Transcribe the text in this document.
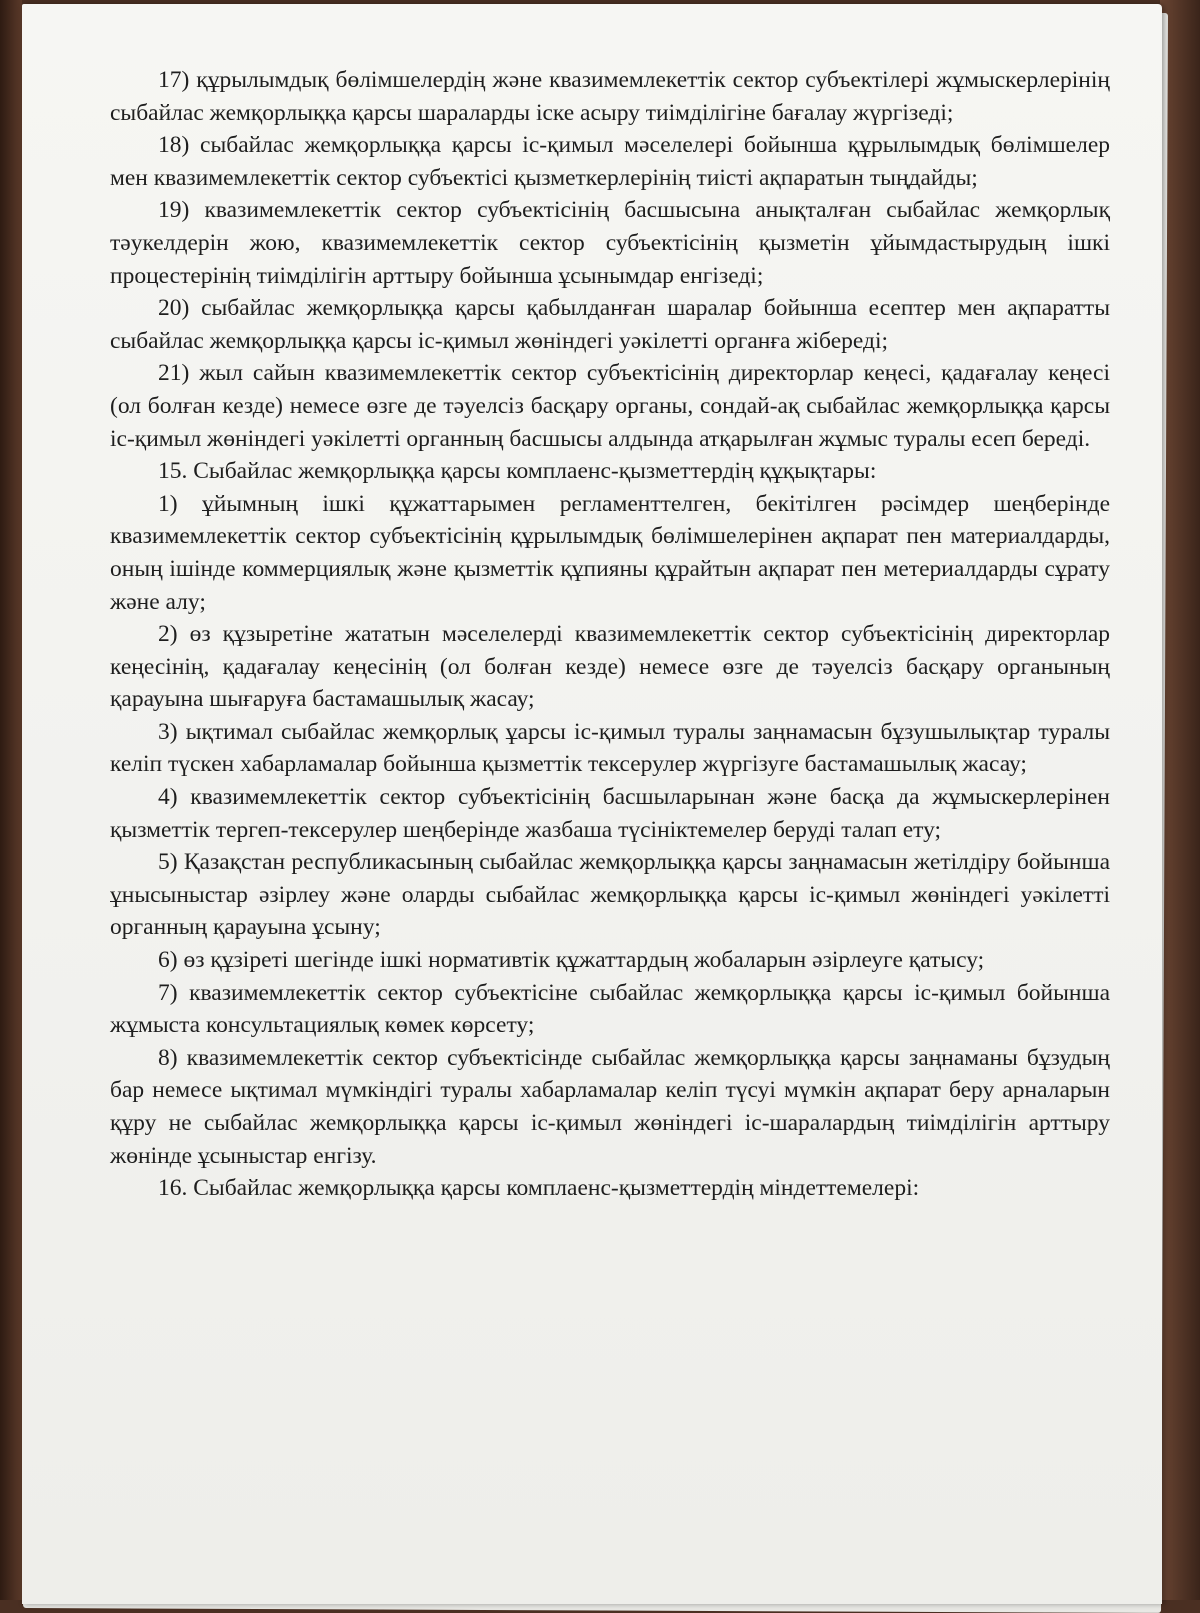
17) құрылымдық бөлімшелердің және квазимемлекеттік сектор субъектілері жұмыскерлерінің сыбайлас жемқорлыққа қарсы шараларды іске асыру тиімділігіне бағалау жүргізеді;

18) сыбайлас жемқорлыққа қарсы іс-қимыл мәселелері бойынша құрылымдық бөлімшелер мен квазимемлекеттік сектор субъектісі қызметкерлерінің тиісті ақпаратын тыңдайды;

19) квазимемлекеттік сектор субъектісінің басшысына анықталған сыбайлас жемқорлық тәукелдерін жою, квазимемлекеттік сектор субъектісінің қызметін ұйымдастырудың ішкі процестерінің тиімділігін арттыру бойынша ұсынымдар енгізеді;

20) сыбайлас жемқорлыққа қарсы қабылданған шаралар бойынша есептер мен ақпаратты сыбайлас жемқорлыққа қарсы іс-қимыл жөніндегі уәкілетті органға жібереді;

21) жыл сайын квазимемлекеттік сектор субъектісінің директорлар кеңесі, қадағалау кеңесі (ол болған кезде) немесе өзге де тәуелсіз басқару органы, сондай-ақ сыбайлас жемқорлыққа қарсы іс-қимыл жөніндегі уәкілетті органның басшысы алдында атқарылған жұмыс туралы есеп береді.

15. Сыбайлас жемқорлыққа қарсы комплаенс-қызметтердің құқықтары:

1) ұйымның ішкі құжаттарымен регламенттелген, бекітілген рәсімдер шеңберінде квазимемлекеттік сектор субъектісінің құрылымдық бөлімшелерінен ақпарат пен материалдарды, оның ішінде коммерциялық және қызметтік құпияны құрайтын ақпарат пен метериалдарды сұрату және алу;

2) өз құзыретіне жататын мәселелерді квазимемлекеттік сектор субъектісінің директорлар кеңесінің, қадағалау кеңесінің (ол болған кезде) немесе өзге де тәуелсіз басқару органының қарауына шығаруға бастамашылық жасау;

3) ықтимал сыбайлас жемқорлық ұарсы іс-қимыл туралы заңнамасын бұзушылықтар туралы келіп түскен хабарламалар бойынша қызметтік тексерулер жүргізуге бастамашылық жасау;

4) квазимемлекеттік сектор субъектісінің басшыларынан және басқа да жұмыскерлерінен қызметтік тергеп-тексерулер шеңберінде жазбаша түсініктемелер беруді талап ету;

5) Қазақстан республикасының сыбайлас жемқорлыққа қарсы заңнамасын жетілдіру бойынша ұнысыныстар әзірлеу және оларды сыбайлас жемқорлыққа қарсы іс-қимыл жөніндегі уәкілетті органның қарауына ұсыну;

6) өз құзіреті шегінде ішкі нормативтік құжаттардың жобаларын әзірлеуге қатысу;

7) квазимемлекеттік сектор субъектісіне сыбайлас жемқорлыққа қарсы іс-қимыл бойынша жұмыста консультациялық көмек көрсету;

8) квазимемлекеттік сектор субъектісінде сыбайлас жемқорлыққа қарсы заңнаманы бұзудың бар немесе ықтимал мүмкіндігі туралы хабарламалар келіп түсуі мүмкін ақпарат беру арналарын құру не сыбайлас жемқорлыққа қарсы іс-қимыл жөніндегі іс-шаралардың тиімділігін арттыру жөнінде ұсыныстар енгізу.

16. Сыбайлас жемқорлыққа қарсы комплаенс-қызметтердің міндеттемелері:
